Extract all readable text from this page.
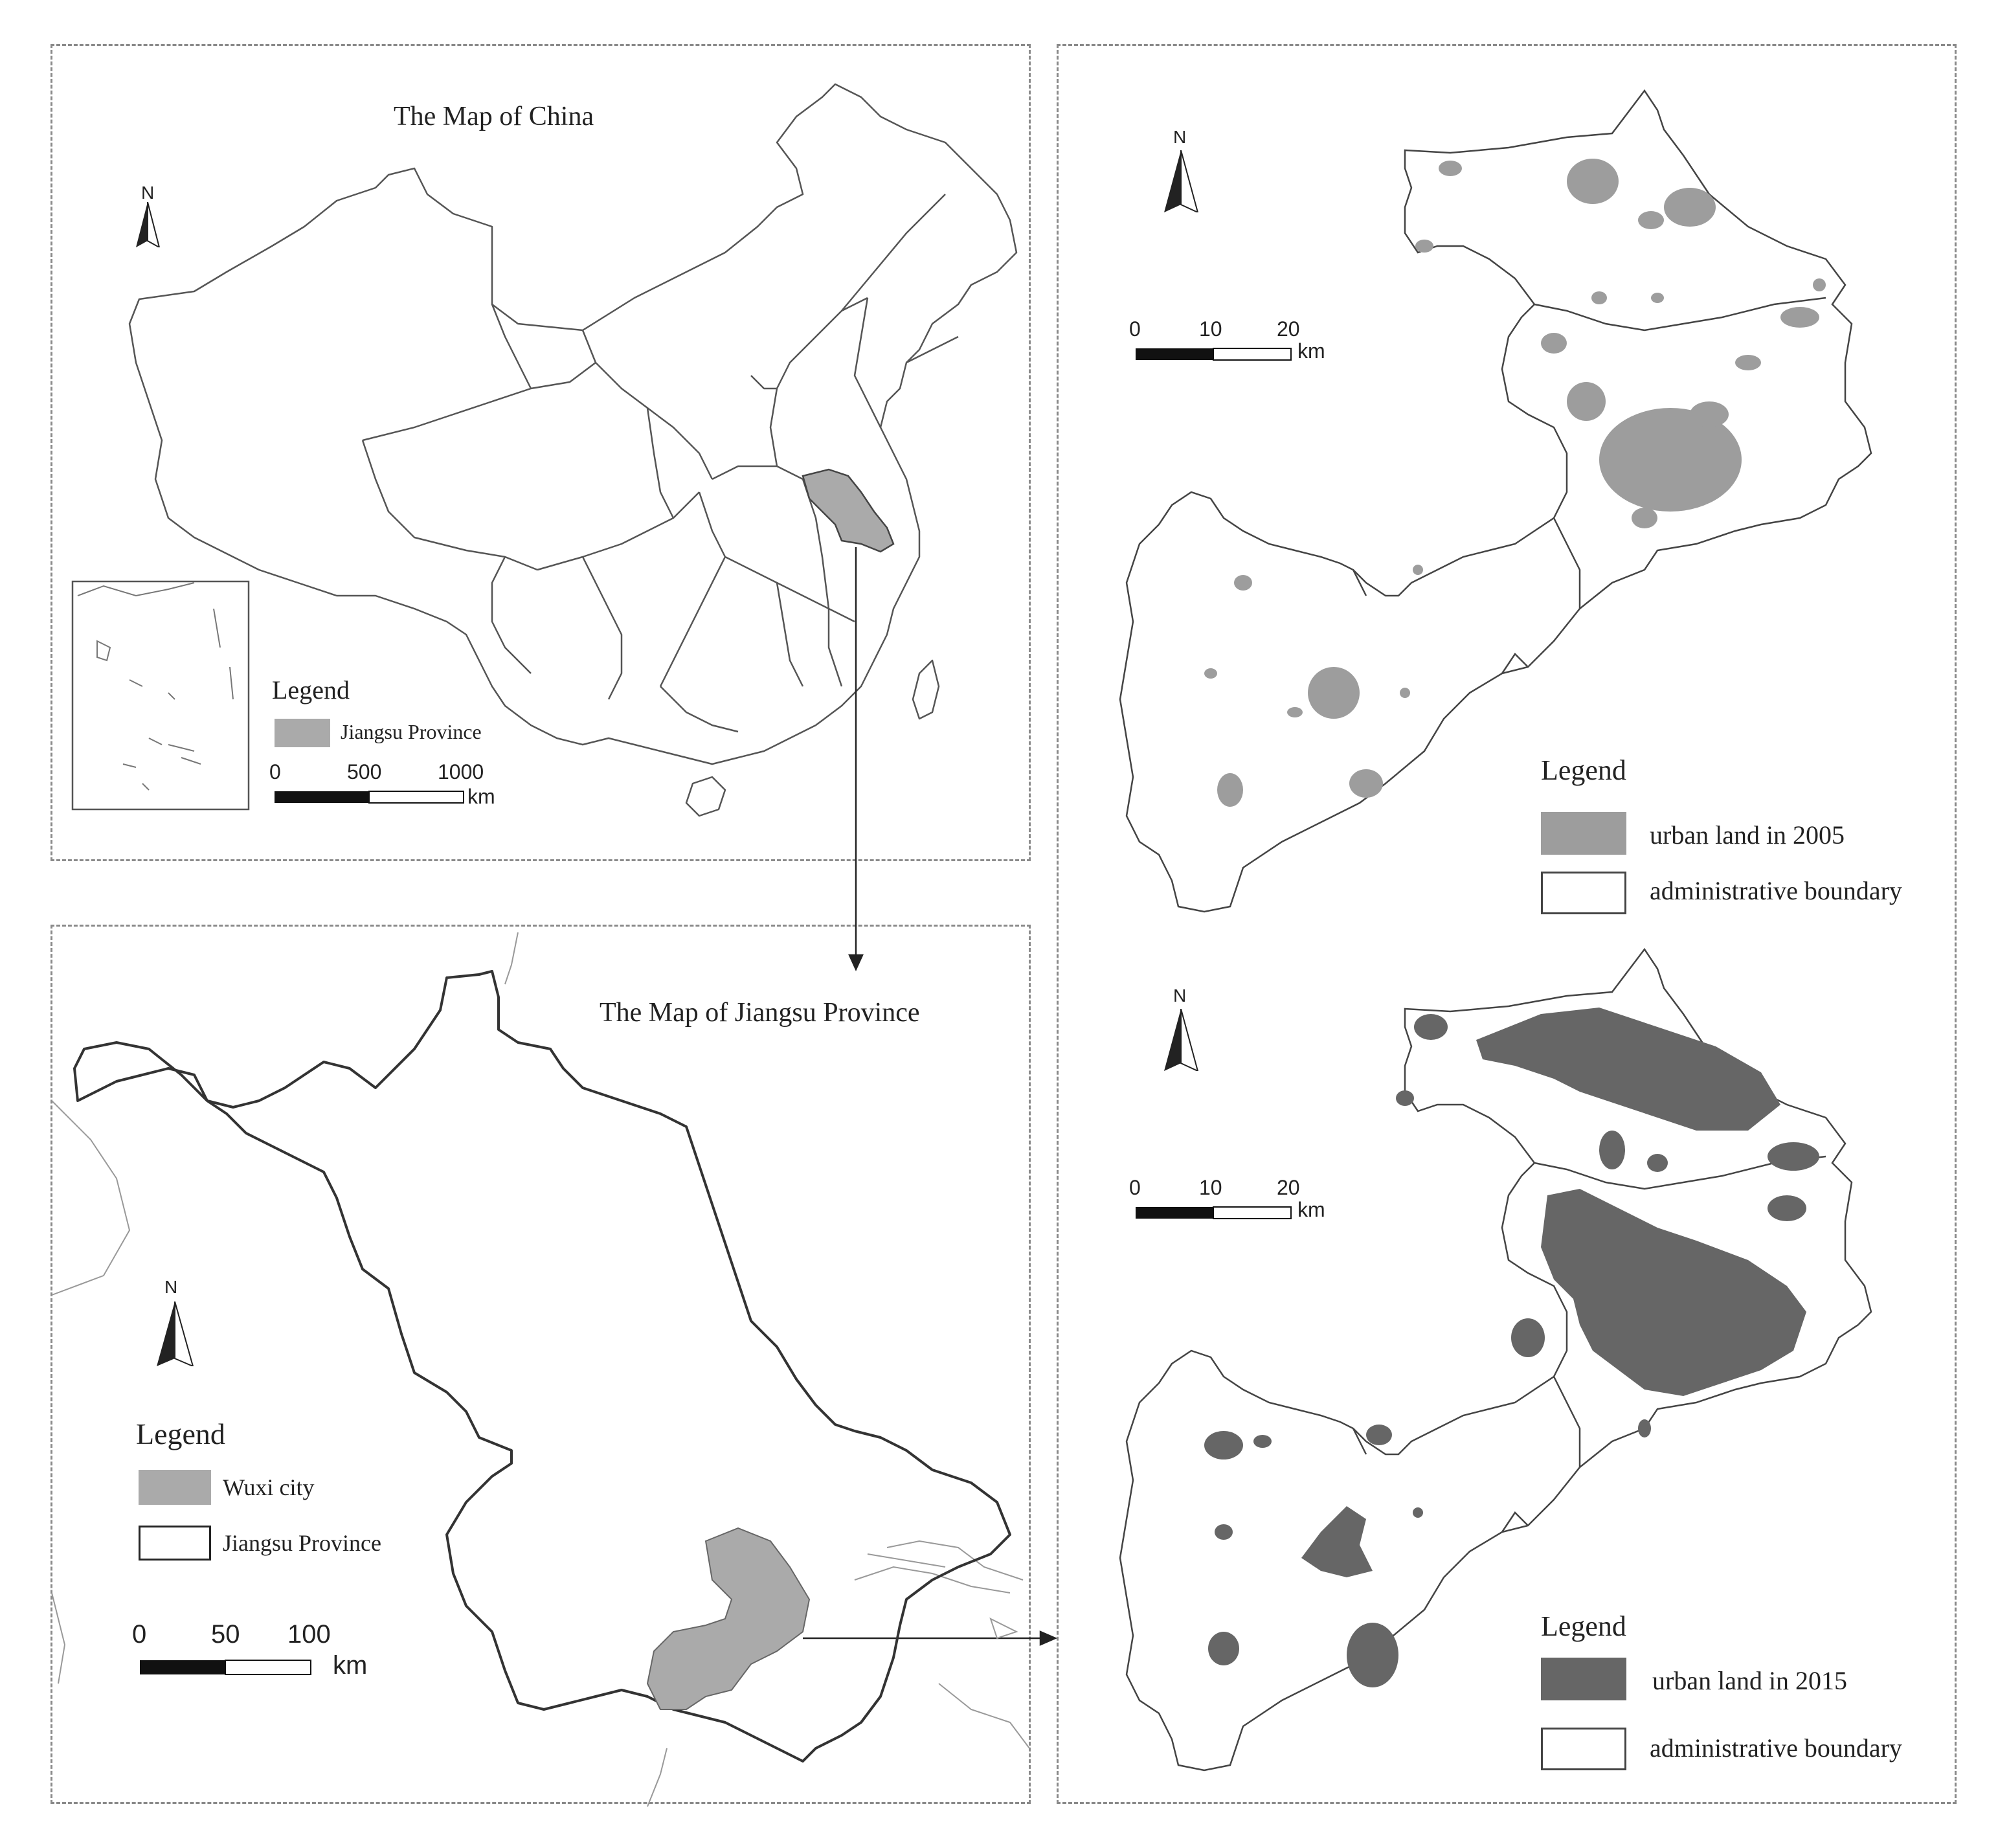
The Map of China
N
Legend
Jiangsu Province
0	500	1000
km
The Map of Jiangsu Province
N
Legend
Wuxi city
Jiangsu Province
0 50 100
km
N
0	10	20
km
Legend
urban land in 2005
administrative boundary
N
0	10	20
km
Legend
urban land in 2015
administrative boundary
